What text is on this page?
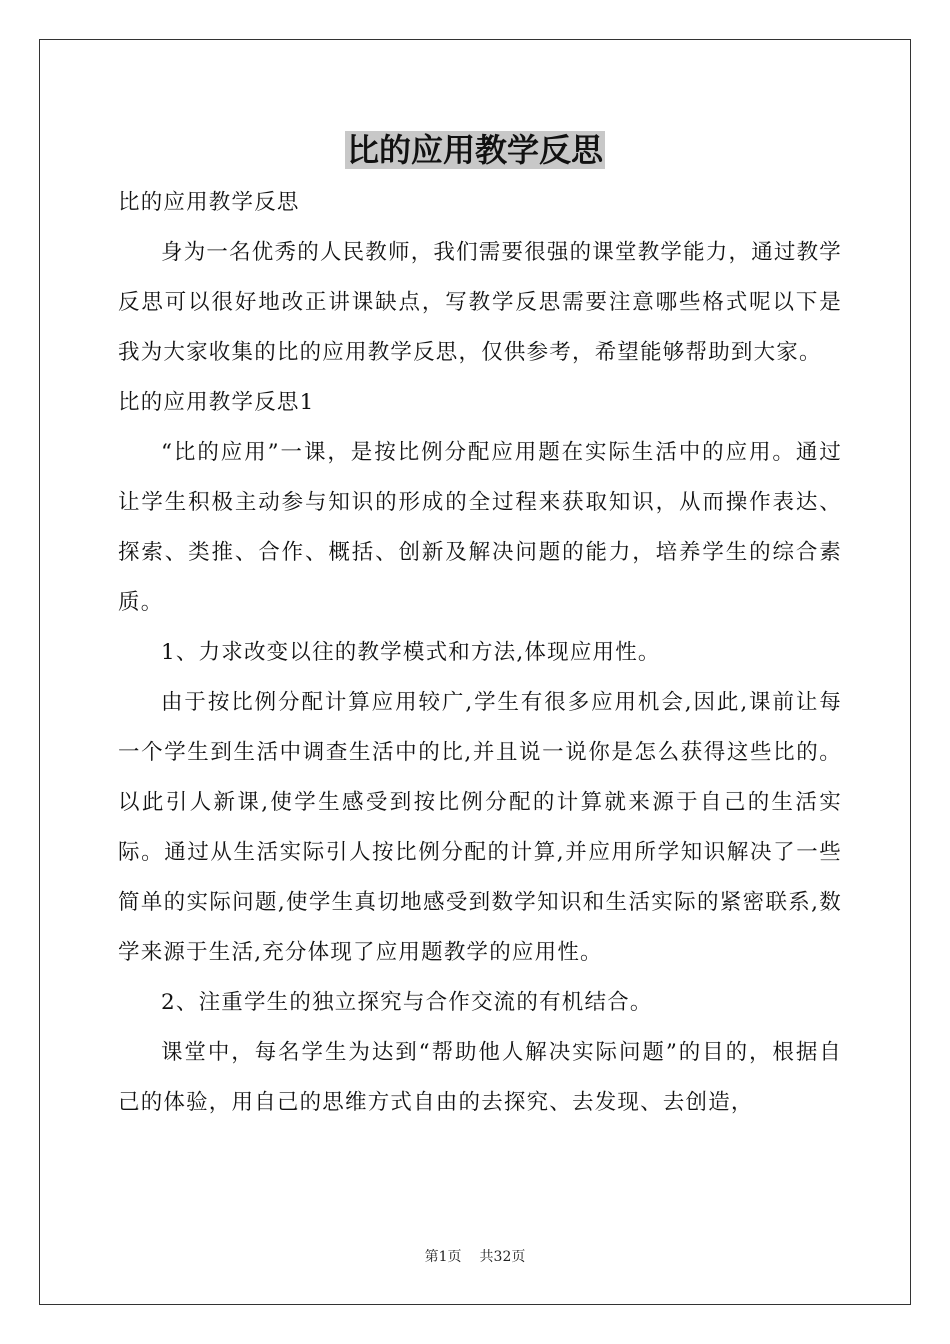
比的应用教学反思

比的应用教学反思

身为一名优秀的人民教师，我们需要很强的课堂教学能力，通过教学反思可以很好地改正讲课缺点，写教学反思需要注意哪些格式呢以下是我为大家收集的比的应用教学反思，仅供参考，希望能够帮助到大家。

比的应用教学反思1

“比的应用”一课，是按比例分配应用题在实际生活中的应用。通过让学生积极主动参与知识的形成的全过程来获取知识，从而操作表达、探索、类推、合作、概括、创新及解决问题的能力，培养学生的综合素质。

1、力求改变以往的教学模式和方法,体现应用性。

由于按比例分配计算应用较广,学生有很多应用机会,因此,课前让每一个学生到生活中调查生活中的比,并且说一说你是怎么获得这些比的。以此引人新课,使学生感受到按比例分配的计算就来源于自己的生活实际。通过从生活实际引人按比例分配的计算,并应用所学知识解决了一些简单的实际问题,使学生真切地感受到数学知识和生活实际的紧密联系,数学来源于生活,充分体现了应用题教学的应用性。

2、注重学生的独立探究与合作交流的有机结合。

课堂中，每名学生为达到“帮助他人解决实际问题”的目的，根据自己的体验，用自己的思维方式自由的去探究、去发现、去创造，

第1页 共32页
